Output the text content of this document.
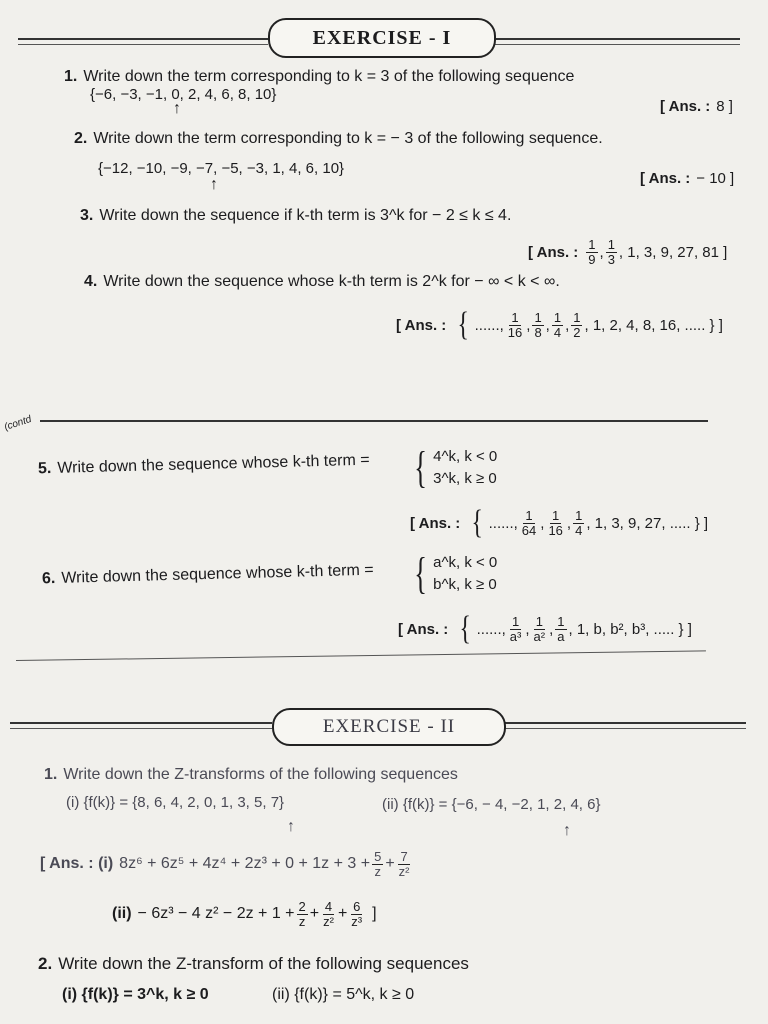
EXERCISE - I
1. Write down the term corresponding to k = 3 of the following sequence
{−6, −3, −1, 0, 2, 4, 6, 8, 10}
↑	[ Ans. : 8 ]
2. Write down the term corresponding to k = − 3 of the following sequence.
{−12, −10, −9, −7, −5, −3, 1, 4, 6, 10}
↑	[ Ans. : − 10 ]
3. Write down the sequence if k-th term is 3^k for − 2 ≤ k ≤ 4.
[ Ans. : $\frac{1}{9}$ , $\frac{1}{3}$ , 1, 3, 9, 27, 81 ]
4. Write down the sequence whose k-th term is 2^k for − ∞ < k < ∞.
[ Ans. : { ......, $\frac{1}{16}$ , $\frac{1}{8}$ , $\frac{1}{4}$ , $\frac{1}{2}$ , 1, 2, 4, 8, 16, ..... } ]
(contd
5. Write down the sequence whose k-th term = { 4^k, k < 0
3^k, k ≥ 0
[ Ans. : { ......, $\frac{1}{64}$ , $\frac{1}{16}$ , $\frac{1}{4}$ , 1, 3, 9, 27, ..... } ]
6. Write down the sequence whose k-th term = { a^k, k < 0
b^k, k ≥ 0
[ Ans. : { ......, $\frac{1}{\text{a³}}$ , $\frac{1}{\text{a²}}$ , $\frac{1}{a}$ , 1, b, b², b³, ..... } ]
EXERCISE - II
1. Write down the Z-transforms of the following sequences
(i) {f(k)} = {8, 6, 4, 2, 0, 1, 3, 5, 7}	(ii) {f(k)} = {−6, − 4, −2, 1, 2, 4, 6}
↑	↑
[ Ans. : (i) $8z^6 + 6z^5 + 4z^4 + 2z^3 + 0 + 1z + 3 + \frac{5}{z} + \frac{7}{\text{z²}}$
(ii) − 6z³ − 4 $z^2 - 2z + 1 + \frac{2}{z} + \frac{4}{\text{z²}} + \frac{6}{\text{z³}}$ ]
2. Write down the Z-transform of the following sequences
(i) {f(k)} = 3^k, k ≥ 0	(ii) {f(k)} = 5^k, k ≥ 0
